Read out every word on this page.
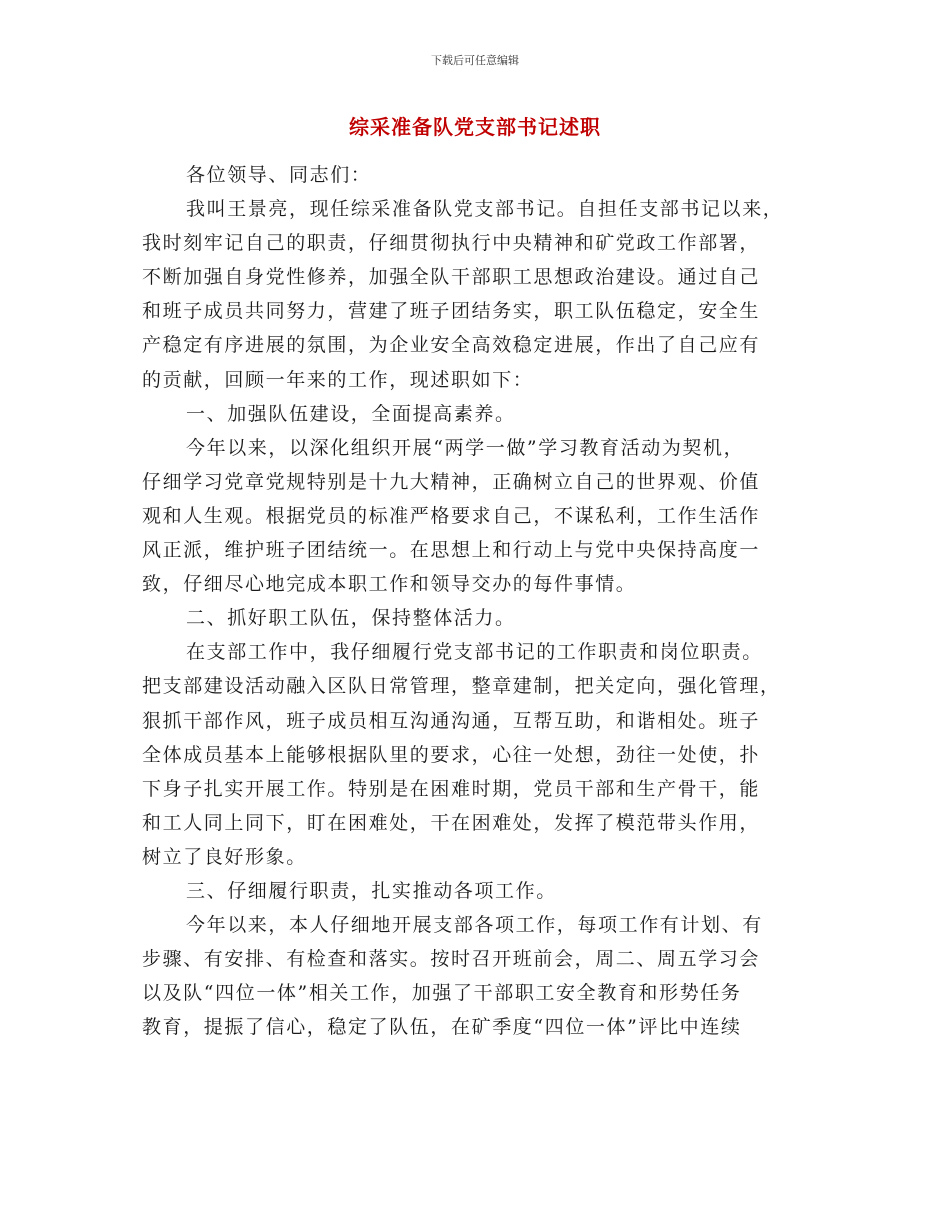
下载后可任意编辑
综采准备队党支部书记述职
各位领导、同志们：
我叫王景亮，现任综采准备队党支部书记。自担任支部书记以来，
我时刻牢记自己的职责，仔细贯彻执行中央精神和矿党政工作部署，
不断加强自身党性修养，加强全队干部职工思想政治建设。通过自己
和班子成员共同努力，营建了班子团结务实，职工队伍稳定，安全生
产稳定有序进展的氛围，为企业安全高效稳定进展，作出了自己应有
的贡献，回顾一年来的工作，现述职如下：
一、加强队伍建设，全面提高素养。
今年以来，以深化组织开展“两学一做”学习教育活动为契机，
仔细学习党章党规特别是十九大精神，正确树立自己的世界观、价值
观和人生观。根据党员的标准严格要求自己，不谋私利，工作生活作
风正派，维护班子团结统一。在思想上和行动上与党中央保持高度一
致，仔细尽心地完成本职工作和领导交办的每件事情。
二、抓好职工队伍，保持整体活力。
在支部工作中，我仔细履行党支部书记的工作职责和岗位职责。
把支部建设活动融入区队日常管理，整章建制，把关定向，强化管理，
狠抓干部作风，班子成员相互沟通沟通，互帮互助，和谐相处。班子
全体成员基本上能够根据队里的要求，心往一处想，劲往一处使，扑
下身子扎实开展工作。特别是在困难时期，党员干部和生产骨干，能
和工人同上同下，盯在困难处，干在困难处，发挥了模范带头作用，
树立了良好形象。
三、仔细履行职责，扎实推动各项工作。
今年以来，本人仔细地开展支部各项工作，每项工作有计划、有
步骤、有安排、有检查和落实。按时召开班前会，周二、周五学习会
以及队“四位一体”相关工作，加强了干部职工安全教育和形势任务
教育，提振了信心，稳定了队伍，在矿季度“四位一体”评比中连续
